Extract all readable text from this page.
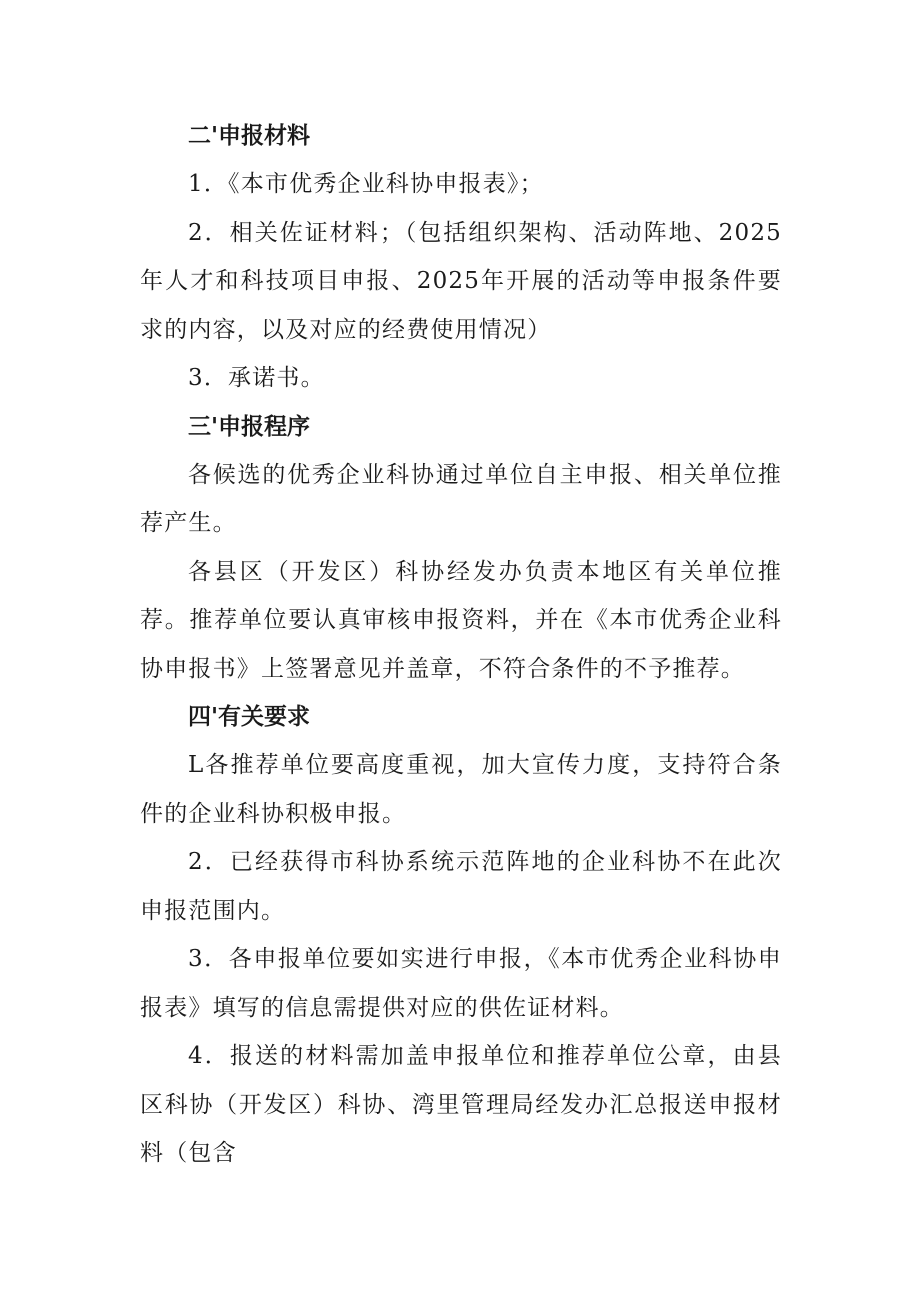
二'申报材料

1．《本市优秀企业科协申报表》；

2．相关佐证材料；（包括组织架构、活动阵地、2025年人才和科技项目申报、2025年开展的活动等申报条件要求的内容，以及对应的经费使用情况）

3．承诺书。

三'申报程序

各候选的优秀企业科协通过单位自主申报、相关单位推荐产生。

各县区（开发区）科协经发办负责本地区有关单位推荐。推荐单位要认真审核申报资料，并在《本市优秀企业科协申报书》上签署意见并盖章，不符合条件的不予推荐。

四'有关要求

L各推荐单位要高度重视，加大宣传力度，支持符合条件的企业科协积极申报。

2．已经获得市科协系统示范阵地的企业科协不在此次申报范围内。

3．各申报单位要如实进行申报，《本市优秀企业科协申报表》填写的信息需提供对应的供佐证材料。

4．报送的材料需加盖申报单位和推荐单位公章，由县区科协（开发区）科协、湾里管理局经发办汇总报送申报材料（包含
